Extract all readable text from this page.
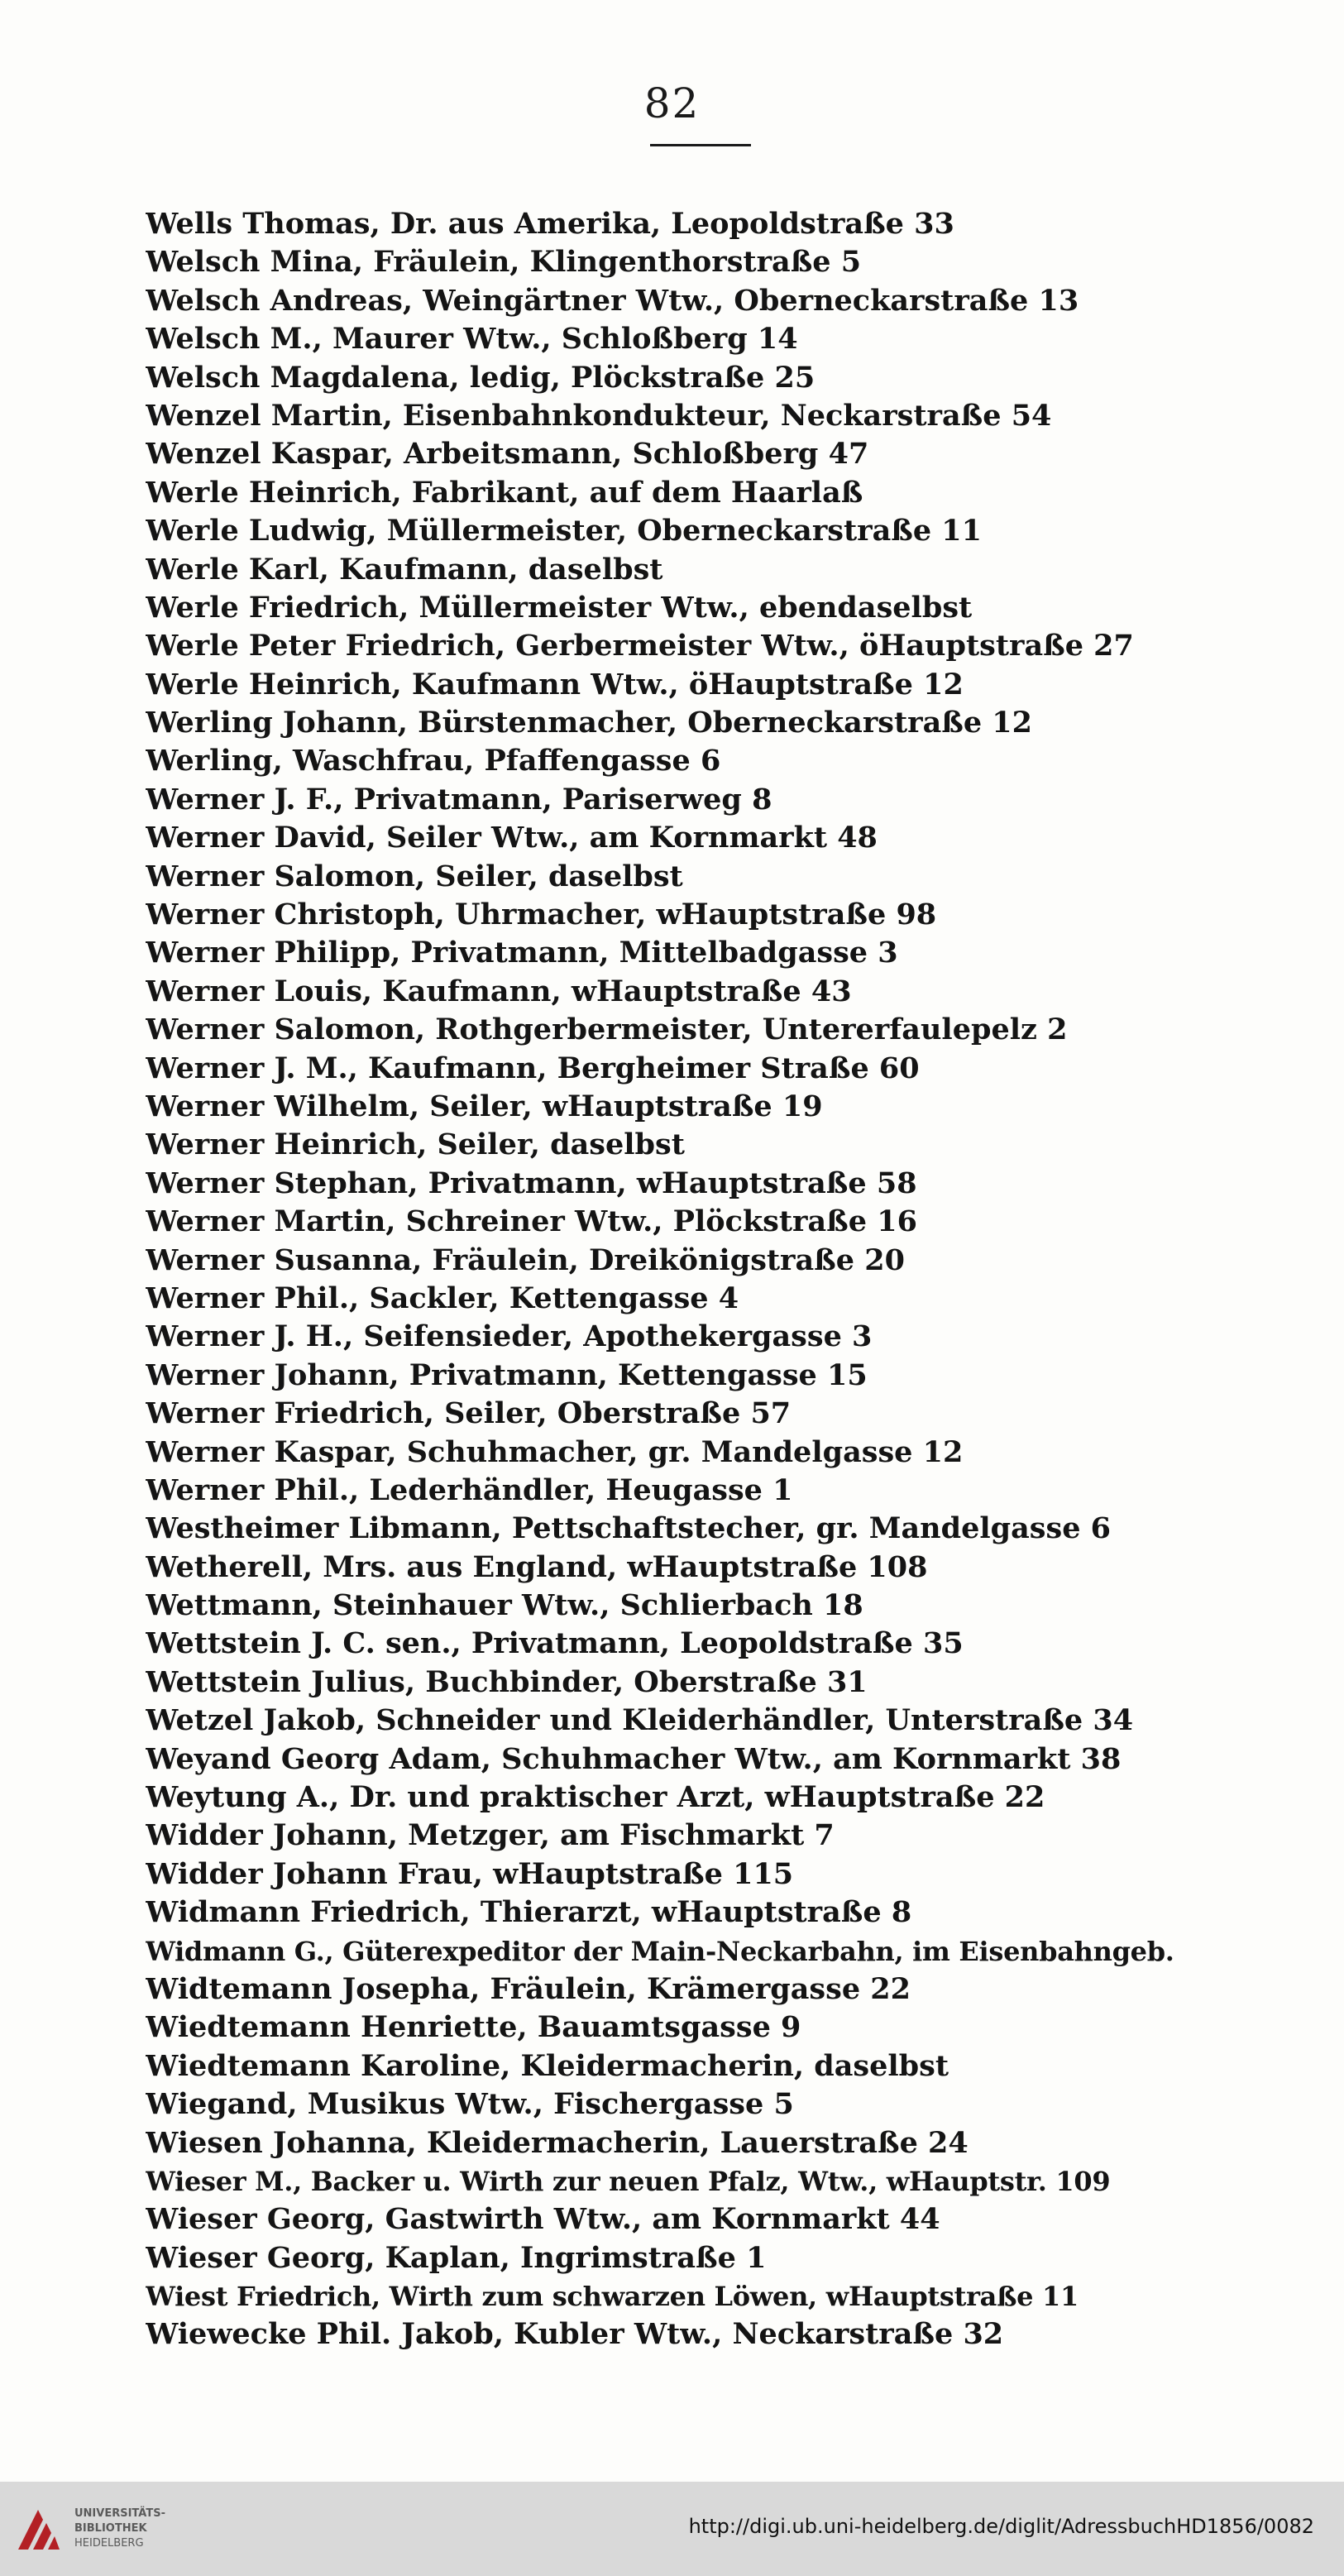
82
Wells Thomas, Dr. aus Amerika, Leopoldstraße 33
Welsch Mina, Fräulein, Klingenthorstraße 5
Welsch Andreas, Weingärtner Wtw., Oberneckarstraße 13
Welsch M., Maurer Wtw., Schloßberg 14
Welsch Magdalena, ledig, Plöckstraße 25
Wenzel Martin, Eisenbahnkondukteur, Neckarstraße 54
Wenzel Kaspar, Arbeitsmann, Schloßberg 47
Werle Heinrich, Fabrikant, auf dem Haarlaß
Werle Ludwig, Müllermeister, Oberneckarstraße 11
Werle Karl, Kaufmann, daselbst
Werle Friedrich, Müllermeister Wtw., ebendaselbst
Werle Peter Friedrich, Gerbermeister Wtw., öHauptstraße 27
Werle Heinrich, Kaufmann Wtw., öHauptstraße 12
Werling Johann, Bürstenmacher, Oberneckarstraße 12
Werling, Waschfrau, Pfaffengasse 6
Werner J. F., Privatmann, Pariserweg 8
Werner David, Seiler Wtw., am Kornmarkt 48
Werner Salomon, Seiler, daselbst
Werner Christoph, Uhrmacher, wHauptstraße 98
Werner Philipp, Privatmann, Mittelbadgasse 3
Werner Louis, Kaufmann, wHauptstraße 43
Werner Salomon, Rothgerbermeister, Untererfaulepelz 2
Werner J. M., Kaufmann, Bergheimer Straße 60
Werner Wilhelm, Seiler, wHauptstraße 19
Werner Heinrich, Seiler, daselbst
Werner Stephan, Privatmann, wHauptstraße 58
Werner Martin, Schreiner Wtw., Plöckstraße 16
Werner Susanna, Fräulein, Dreikönigstraße 20
Werner Phil., Sackler, Kettengasse 4
Werner J. H., Seifensieder, Apothekergasse 3
Werner Johann, Privatmann, Kettengasse 15
Werner Friedrich, Seiler, Oberstraße 57
Werner Kaspar, Schuhmacher, gr. Mandelgasse 12
Werner Phil., Lederhändler, Heugasse 1
Westheimer Libmann, Pettschaftstecher, gr. Mandelgasse 6
Wetherell, Mrs. aus England, wHauptstraße 108
Wettmann, Steinhauer Wtw., Schlierbach 18
Wettstein J. C. sen., Privatmann, Leopoldstraße 35
Wettstein Julius, Buchbinder, Oberstraße 31
Wetzel Jakob, Schneider und Kleiderhändler, Unterstraße 34
Weyand Georg Adam, Schuhmacher Wtw., am Kornmarkt 38
Weytung A., Dr. und praktischer Arzt, wHauptstraße 22
Widder Johann, Metzger, am Fischmarkt 7
Widder Johann Frau, wHauptstraße 115
Widmann Friedrich, Thierarzt, wHauptstraße 8
Widmann G., Güterexpeditor der Main-Neckarbahn, im Eisenbahngeb.
Widtemann Josepha, Fräulein, Krämergasse 22
Wiedtemann Henriette, Bauamtsgasse 9
Wiedtemann Karoline, Kleidermacherin, daselbst
Wiegand, Musikus Wtw., Fischergasse 5
Wiesen Johanna, Kleidermacherin, Lauerstraße 24
Wieser M., Backer u. Wirth zur neuen Pfalz, Wtw., wHauptstr. 109
Wieser Georg, Gastwirth Wtw., am Kornmarkt 44
Wieser Georg, Kaplan, Ingrimstraße 1
Wiest Friedrich, Wirth zum schwarzen Löwen, wHauptstraße 11
Wiewecke Phil. Jakob, Kubler Wtw., Neckarstraße 32
UNIVERSITÄTS-
BIBLIOTHEK
HEIDELBERG
http://digi.ub.uni-heidelberg.de/diglit/AdressbuchHD1856/0082
